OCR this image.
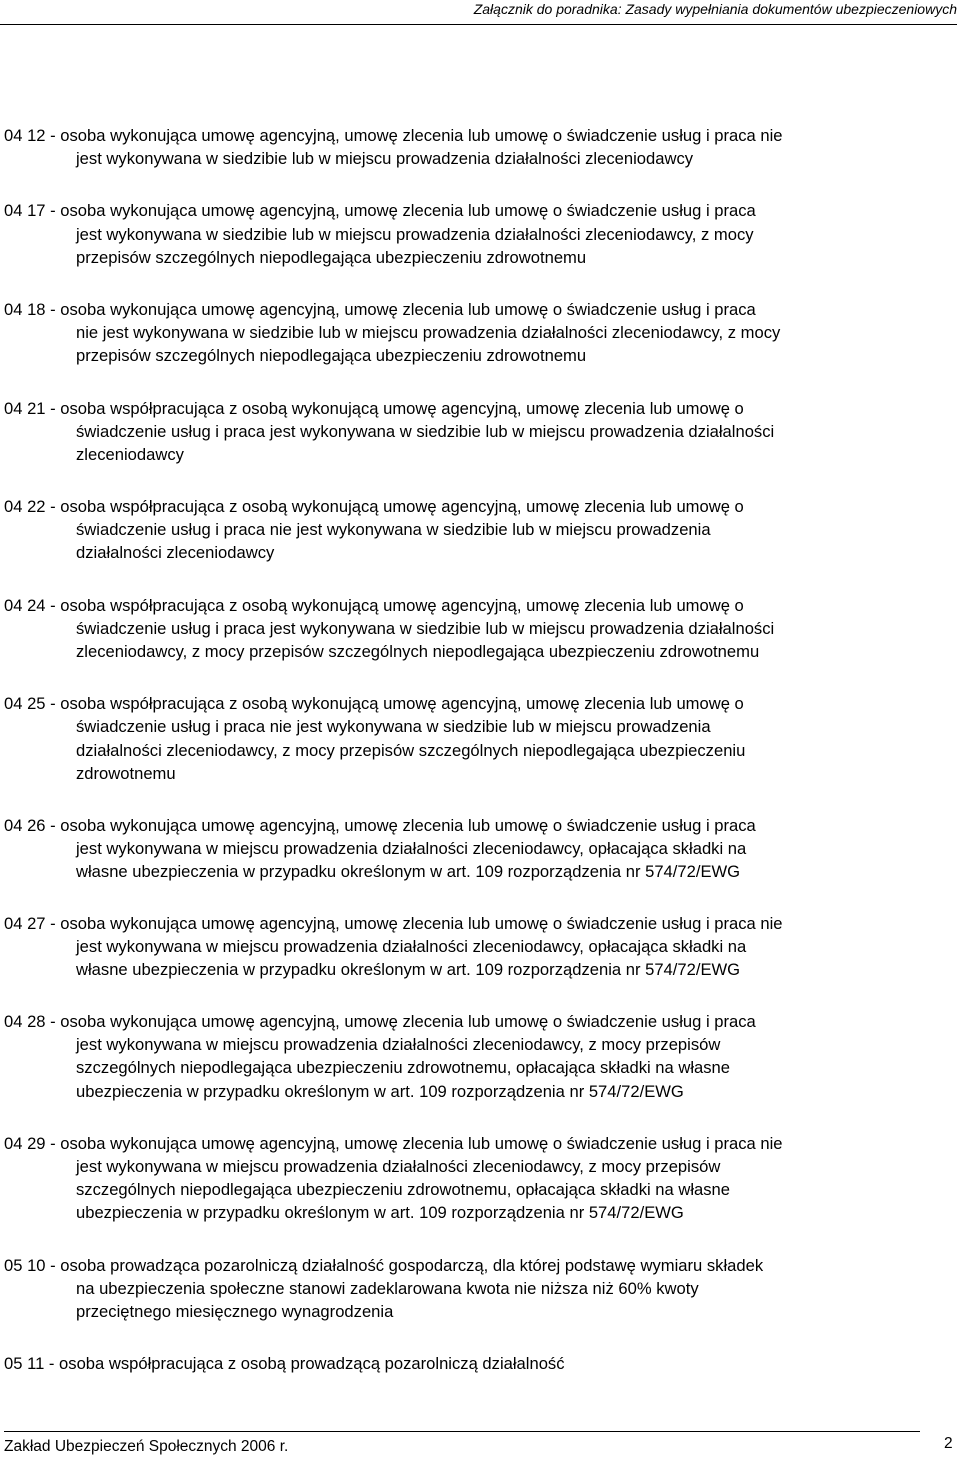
Załącznik do poradnika: Zasady wypełniania dokumentów ubezpieczeniowych
04 12 - osoba wykonująca umowę agencyjną, umowę zlecenia lub umowę o świadczenie usług i praca nie
jest wykonywana w siedzibie lub w miejscu prowadzenia działalności zleceniodawcy
04 17 - osoba wykonująca umowę agencyjną, umowę zlecenia lub umowę o świadczenie usług i praca
jest wykonywana w siedzibie lub w miejscu prowadzenia działalności zleceniodawcy, z mocy
przepisów szczególnych niepodlegająca ubezpieczeniu zdrowotnemu
04 18 - osoba wykonująca umowę agencyjną, umowę zlecenia lub umowę o świadczenie usług i praca
nie jest wykonywana w siedzibie lub w miejscu prowadzenia działalności zleceniodawcy, z mocy
przepisów szczególnych niepodlegająca ubezpieczeniu zdrowotnemu
04 21 - osoba współpracująca z osobą wykonującą umowę agencyjną, umowę zlecenia lub umowę o
świadczenie usług i praca jest wykonywana w siedzibie lub w miejscu prowadzenia działalności
zleceniodawcy
04 22 - osoba współpracująca z osobą wykonującą umowę agencyjną, umowę zlecenia lub umowę o
świadczenie usług i praca nie jest wykonywana w siedzibie lub w miejscu prowadzenia
działalności zleceniodawcy
04 24 - osoba współpracująca z osobą wykonującą umowę agencyjną, umowę zlecenia lub umowę o
świadczenie usług i praca jest wykonywana w siedzibie lub w miejscu prowadzenia działalności
zleceniodawcy, z mocy przepisów szczególnych niepodlegająca ubezpieczeniu zdrowotnemu
04 25 - osoba współpracująca z osobą wykonującą umowę agencyjną, umowę zlecenia lub umowę o
świadczenie usług i praca nie jest wykonywana w siedzibie lub w miejscu prowadzenia
działalności zleceniodawcy, z mocy przepisów szczególnych niepodlegająca ubezpieczeniu
zdrowotnemu
04 26 - osoba wykonująca umowę agencyjną, umowę zlecenia lub umowę o świadczenie usług i praca
jest wykonywana w miejscu prowadzenia działalności zleceniodawcy, opłacająca składki na
własne ubezpieczenia w przypadku określonym w art. 109 rozporządzenia nr 574/72/EWG
04 27 - osoba wykonująca umowę agencyjną, umowę zlecenia lub umowę o świadczenie usług i praca nie
jest wykonywana w miejscu prowadzenia działalności zleceniodawcy, opłacająca składki na
własne ubezpieczenia w przypadku określonym w art. 109 rozporządzenia nr 574/72/EWG
04 28 - osoba wykonująca umowę agencyjną, umowę zlecenia lub umowę o świadczenie usług i praca
jest wykonywana w miejscu prowadzenia działalności zleceniodawcy, z mocy przepisów
szczególnych niepodlegająca ubezpieczeniu zdrowotnemu, opłacająca składki na własne
ubezpieczenia w przypadku określonym w art. 109 rozporządzenia nr 574/72/EWG
04 29 - osoba wykonująca umowę agencyjną, umowę zlecenia lub umowę o świadczenie usług i praca nie
jest wykonywana w miejscu prowadzenia działalności zleceniodawcy, z mocy przepisów
szczególnych niepodlegająca ubezpieczeniu zdrowotnemu, opłacająca składki na własne
ubezpieczenia w przypadku określonym w art. 109 rozporządzenia nr 574/72/EWG
05 10 - osoba prowadząca pozarolniczą działalność gospodarczą, dla której podstawę wymiaru składek
na ubezpieczenia społeczne stanowi zadeklarowana kwota nie niższa niż 60% kwoty
przeciętnego miesięcznego wynagrodzenia
05 11 - osoba współpracująca z osobą prowadzącą pozarolniczą działalność
Zakład Ubezpieczeń Społecznych 2006 r.	2
